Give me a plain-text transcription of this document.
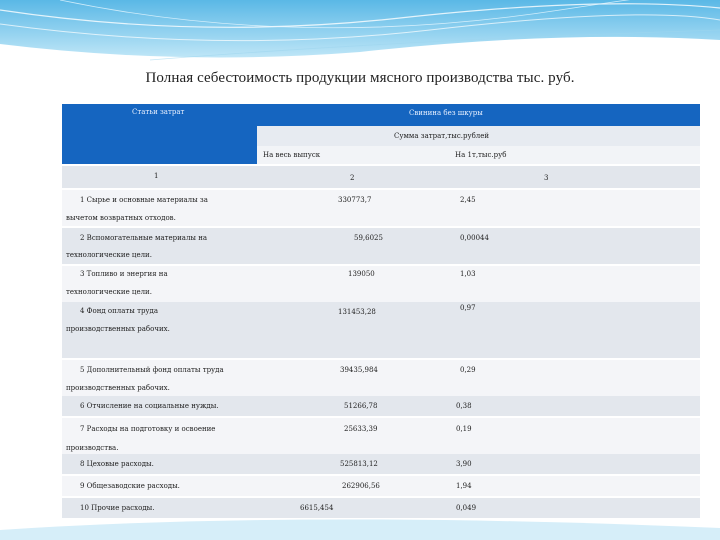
Полная себестоимость продукции мясного производства тыс. руб.
Статьи затрат	Свинина без шкуры
Сумма затрат,тыс.рублей
На весь выпуск	На 1т,тыс.руб
1	2	3
1 Сырье и основные материалы за
вычетом возвратных отходов.
330773,7	2,45
2 Вспомогательные материалы на
технологические цели.
59,6025	0,00044
3 Топливо и энергия на
технологические цели.
139050	1,03
4 Фонд оплаты труда
производственных рабочих.
131453,28	0,97
5 Дополнительный фонд оплаты труда
производственных рабочих.
39435,984	0,29
6 Отчисление на социальные нужды.	51266,78	0,38
7 Расходы на подготовку и освоение
производства.
25633,39	0,19
8 Цеховые расходы.	525813,12	3,90
9 Общезаводские расходы.	262906,56	1,94
10 Прочие расходы.	6615,454	0,049
